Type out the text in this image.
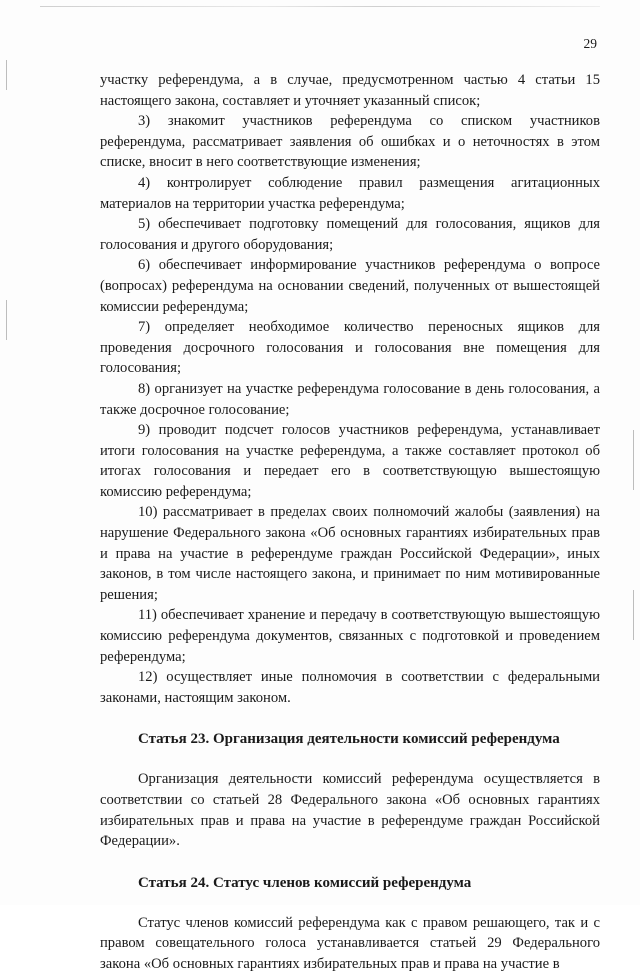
29

участку референдума, а в случае, предусмотренном частью 4 статьи 15 настоящего закона, составляет и уточняет указанный список;

3) знакомит участников референдума со списком участников референдума, рассматривает заявления об ошибках и о неточностях в этом списке, вносит в него соответствующие изменения;

4) контролирует соблюдение правил размещения агитационных материалов на территории участка референдума;

5) обеспечивает подготовку помещений для голосования, ящиков для голосования и другого оборудования;

6) обеспечивает информирование участников референдума о вопросе (вопросах) референдума на основании сведений, полученных от вышестоящей комиссии референдума;

7) определяет необходимое количество переносных ящиков для проведения досрочного голосования и голосования вне помещения для голосования;

8) организует на участке референдума голосование в день голосования, а также досрочное голосование;

9) проводит подсчет голосов участников референдума, устанавливает итоги голосования на участке референдума, а также составляет протокол об итогах голосования и передает его в соответствующую вышестоящую комиссию референдума;

10) рассматривает в пределах своих полномочий жалобы (заявления) на нарушение Федерального закона «Об основных гарантиях избирательных прав и права на участие в референдуме граждан Российской Федерации», иных законов, в том числе настоящего закона, и принимает по ним мотивированные решения;

11) обеспечивает хранение и передачу в соответствующую вышестоящую комиссию референдума документов, связанных с подготовкой и проведением референдума;

12) осуществляет иные полномочия в соответствии с федеральными законами, настоящим законом.

Статья 23. Организация деятельности комиссий референдума

Организация деятельности комиссий референдума осуществляется в соответствии со статьей 28 Федерального закона «Об основных гарантиях избирательных прав и права на участие в референдуме граждан Российской Федерации».

Статья 24. Статус членов комиссий референдума

Статус членов комиссий референдума как с правом решающего, так и с правом совещательного голоса устанавливается статьей 29 Федерального закона «Об основных гарантиях избирательных прав и права на участие в
